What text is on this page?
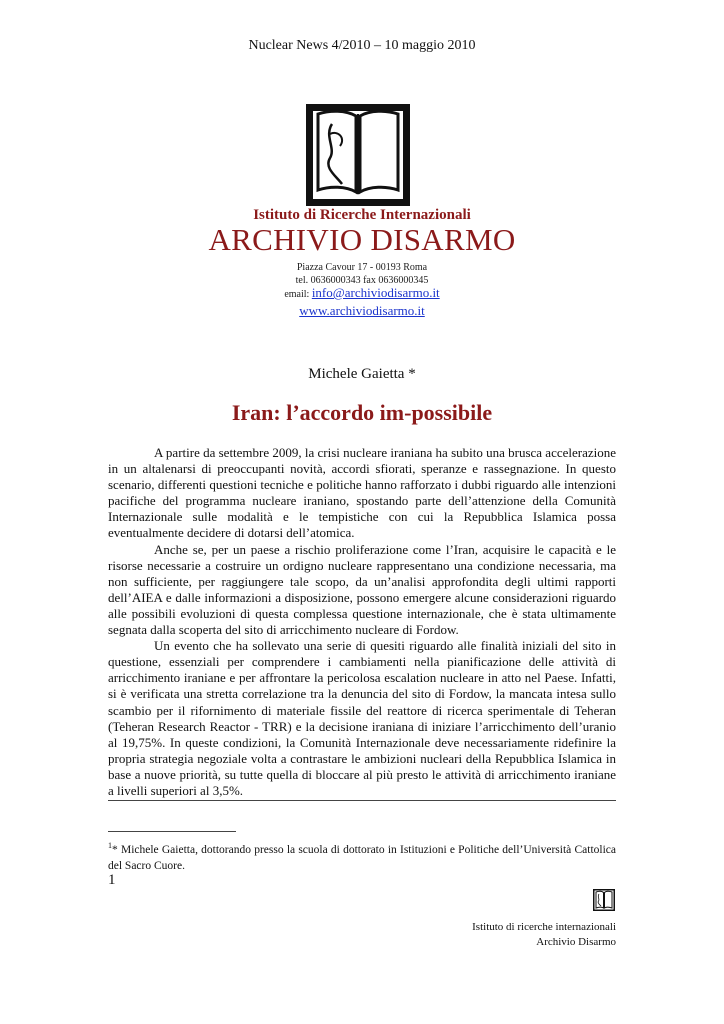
Nuclear News 4/2010 – 10 maggio 2010
Istituto di Ricerche Internazionali
ARCHIVIO DISARMO
Piazza Cavour 17 - 00193 Roma
tel. 0636000343 fax 0636000345
email: info@archiviodisarmo.it
www.archiviodisarmo.it
Michele Gaietta *
Iran: l’accordo im-possibile

A partire da settembre 2009, la crisi nucleare iraniana ha subito una brusca accelerazione in un altalenarsi di preoccupanti novità, accordi sfiorati, speranze e rassegnazione. In questo scenario, differenti questioni tecniche e politiche hanno rafforzato i dubbi riguardo alle intenzioni pacifiche del programma nucleare iraniano, spostando parte dell’attenzione della Comunità Internazionale sulle modalità e le tempistiche con cui la Repubblica Islamica possa eventualmente decidere di dotarsi dell’atomica.

Anche se, per un paese a rischio proliferazione come l’Iran, acquisire le capacità e le risorse necessarie a costruire un ordigno nucleare rappresentano una condizione necessaria, ma non sufficiente, per raggiungere tale scopo, da un’analisi approfondita degli ultimi rapporti dell’AIEA e dalle informazioni a disposizione, possono emergere alcune considerazioni riguardo alle possibili evoluzioni di questa complessa questione internazionale, che è stata ultimamente segnata dalla scoperta del sito di arricchimento nucleare di Fordow.

Un evento che ha sollevato una serie di quesiti riguardo alle finalità iniziali del sito in questione, essenziali per comprendere i cambiamenti nella pianificazione delle attività di arricchimento iraniane e per affrontare la pericolosa escalation nucleare in atto nel Paese. Infatti, si è verificata una stretta correlazione tra la denuncia del sito di Fordow, la mancata intesa sullo scambio per il rifornimento di materiale fissile del reattore di ricerca sperimentale di Teheran (Teheran Research Reactor - TRR) e la decisione iraniana di iniziare l’arricchimento dell’uranio al 19,75%. In queste condizioni, la Comunità Internazionale deve necessariamente ridefinire la propria strategia negoziale volta a contrastare le ambizioni nucleari della Repubblica Islamica in base a nuove priorità, su tutte quella di bloccare al più presto le attività di arricchimento iraniane a livelli superiori al 3,5%.

$^1$* Michele Gaietta, dottorando presso la scuola di dottorato in Istituzioni e Politiche dell’Università Cattolica del Sacro Cuore.
1
Istituto di ricerche internazionali
Archivio Disarmo
